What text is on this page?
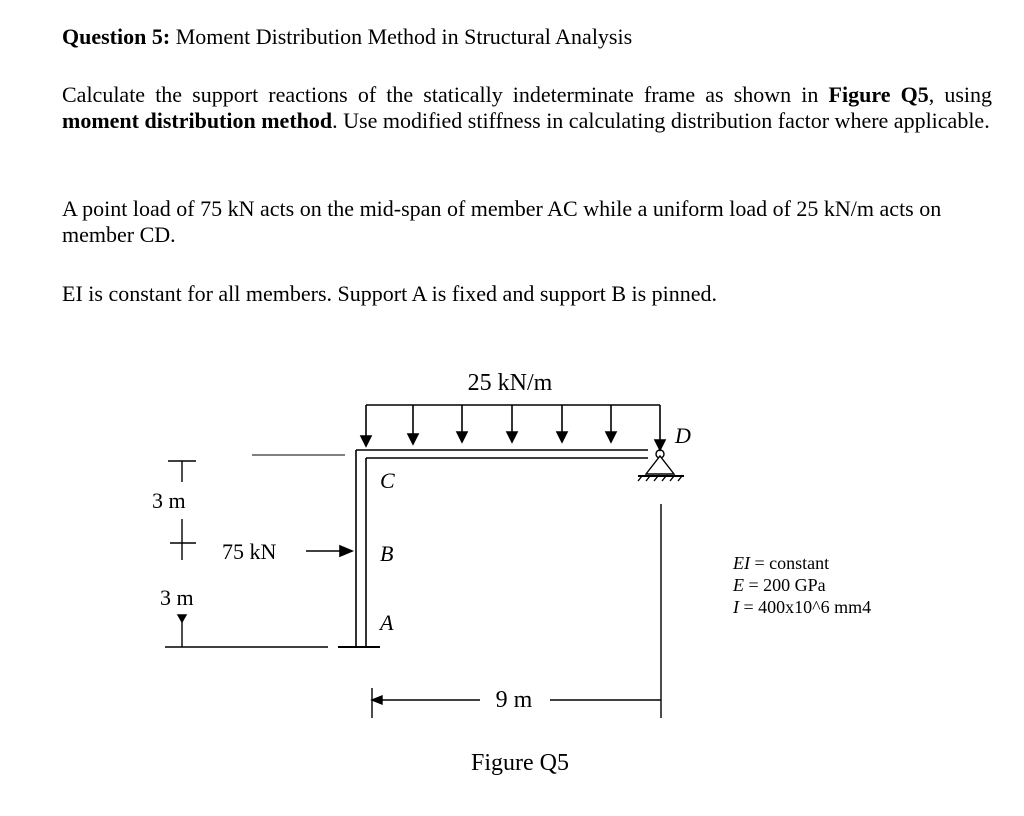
Question 5: Moment Distribution Method in Structural Analysis
Calculate the support reactions of the statically indeterminate frame as shown in Figure Q5, using moment distribution method. Use modified stiffness in calculating distribution factor where applicable.
A point load of 75 kN acts on the mid-span of member AC while a uniform load of 25 kN/m acts on member CD.
EI is constant for all members. Support A is fixed and support B is pinned.
25 kN/m
C
B
A
D
75 kN
3 m
3 m
9 m
Figure Q5
EI = constant
E = 200 GPa
I = 400x10^6 mm4
